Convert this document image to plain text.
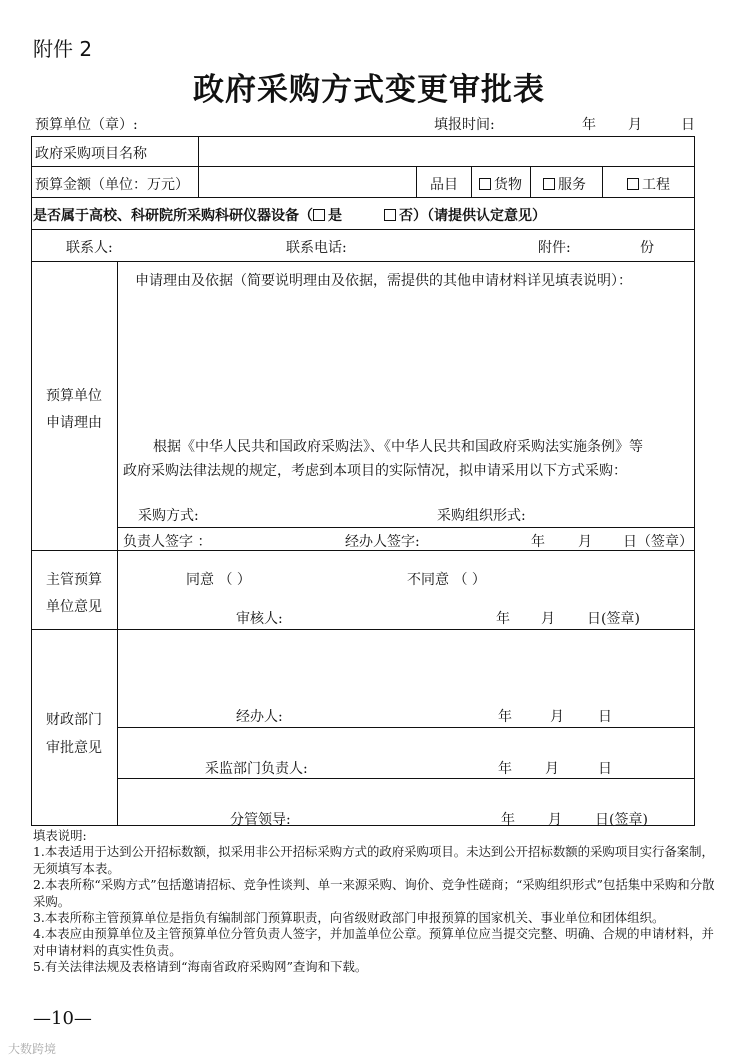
附件 2
政府采购方式变更审批表
预算单位（章）:	填报时间:	年 月	日
政府采购项目名称
预算金额（单位：万元）	品目	货物	服务	工程
是否属于高校、科研院所采购科研仪器设备（ 是	否）（请提供认定意见）
联系人:	联系电话:	附件:	份
预算单位
申请理由
申请理由及依据（简要说明理由及依据，需提供的其他申请材料详见填表说明）：
根据《中华人民共和国政府采购法》、《中华人民共和国政府采购法实施条例》等
政府采购法律法规的规定，考虑到本项目的实际情况，拟申请采用以下方式采购：
采购方式:	采购组织形式:
负责人签字 ：	经办人签字:	年 月 日（签章）
主管预算
单位意见
同意 （ ）	不同意 （ ）
审核人:	年 月 日(签章)
财政部门
审批意见
经办人:	年	月 日
采监部门负责人:	年 月	日
分管领导:	年 月 日(签章)
填表说明:
1.本表适用于达到公开招标数额，拟采用非公开招标采购方式的政府采购项目。未达到公开招标数额的采购项目实行备案制，无须填写本表。
2.本表所称“采购方式”包括邀请招标、竞争性谈判、单一来源采购、询价、竞争性磋商；“采购组织形式”包括集中采购和分散采购。
3.本表所称主管预算单位是指负有编制部门预算职责，向省级财政部门申报预算的国家机关、事业单位和团体组织。
4.本表应由预算单位及主管预算单位分管负责人签字，并加盖单位公章。预算单位应当提交完整、明确、合规的申请材料，并对申请材料的真实性负责。
5.有关法律法规及表格请到“海南省政府采购网”查询和下载。
—10—
大数跨境
